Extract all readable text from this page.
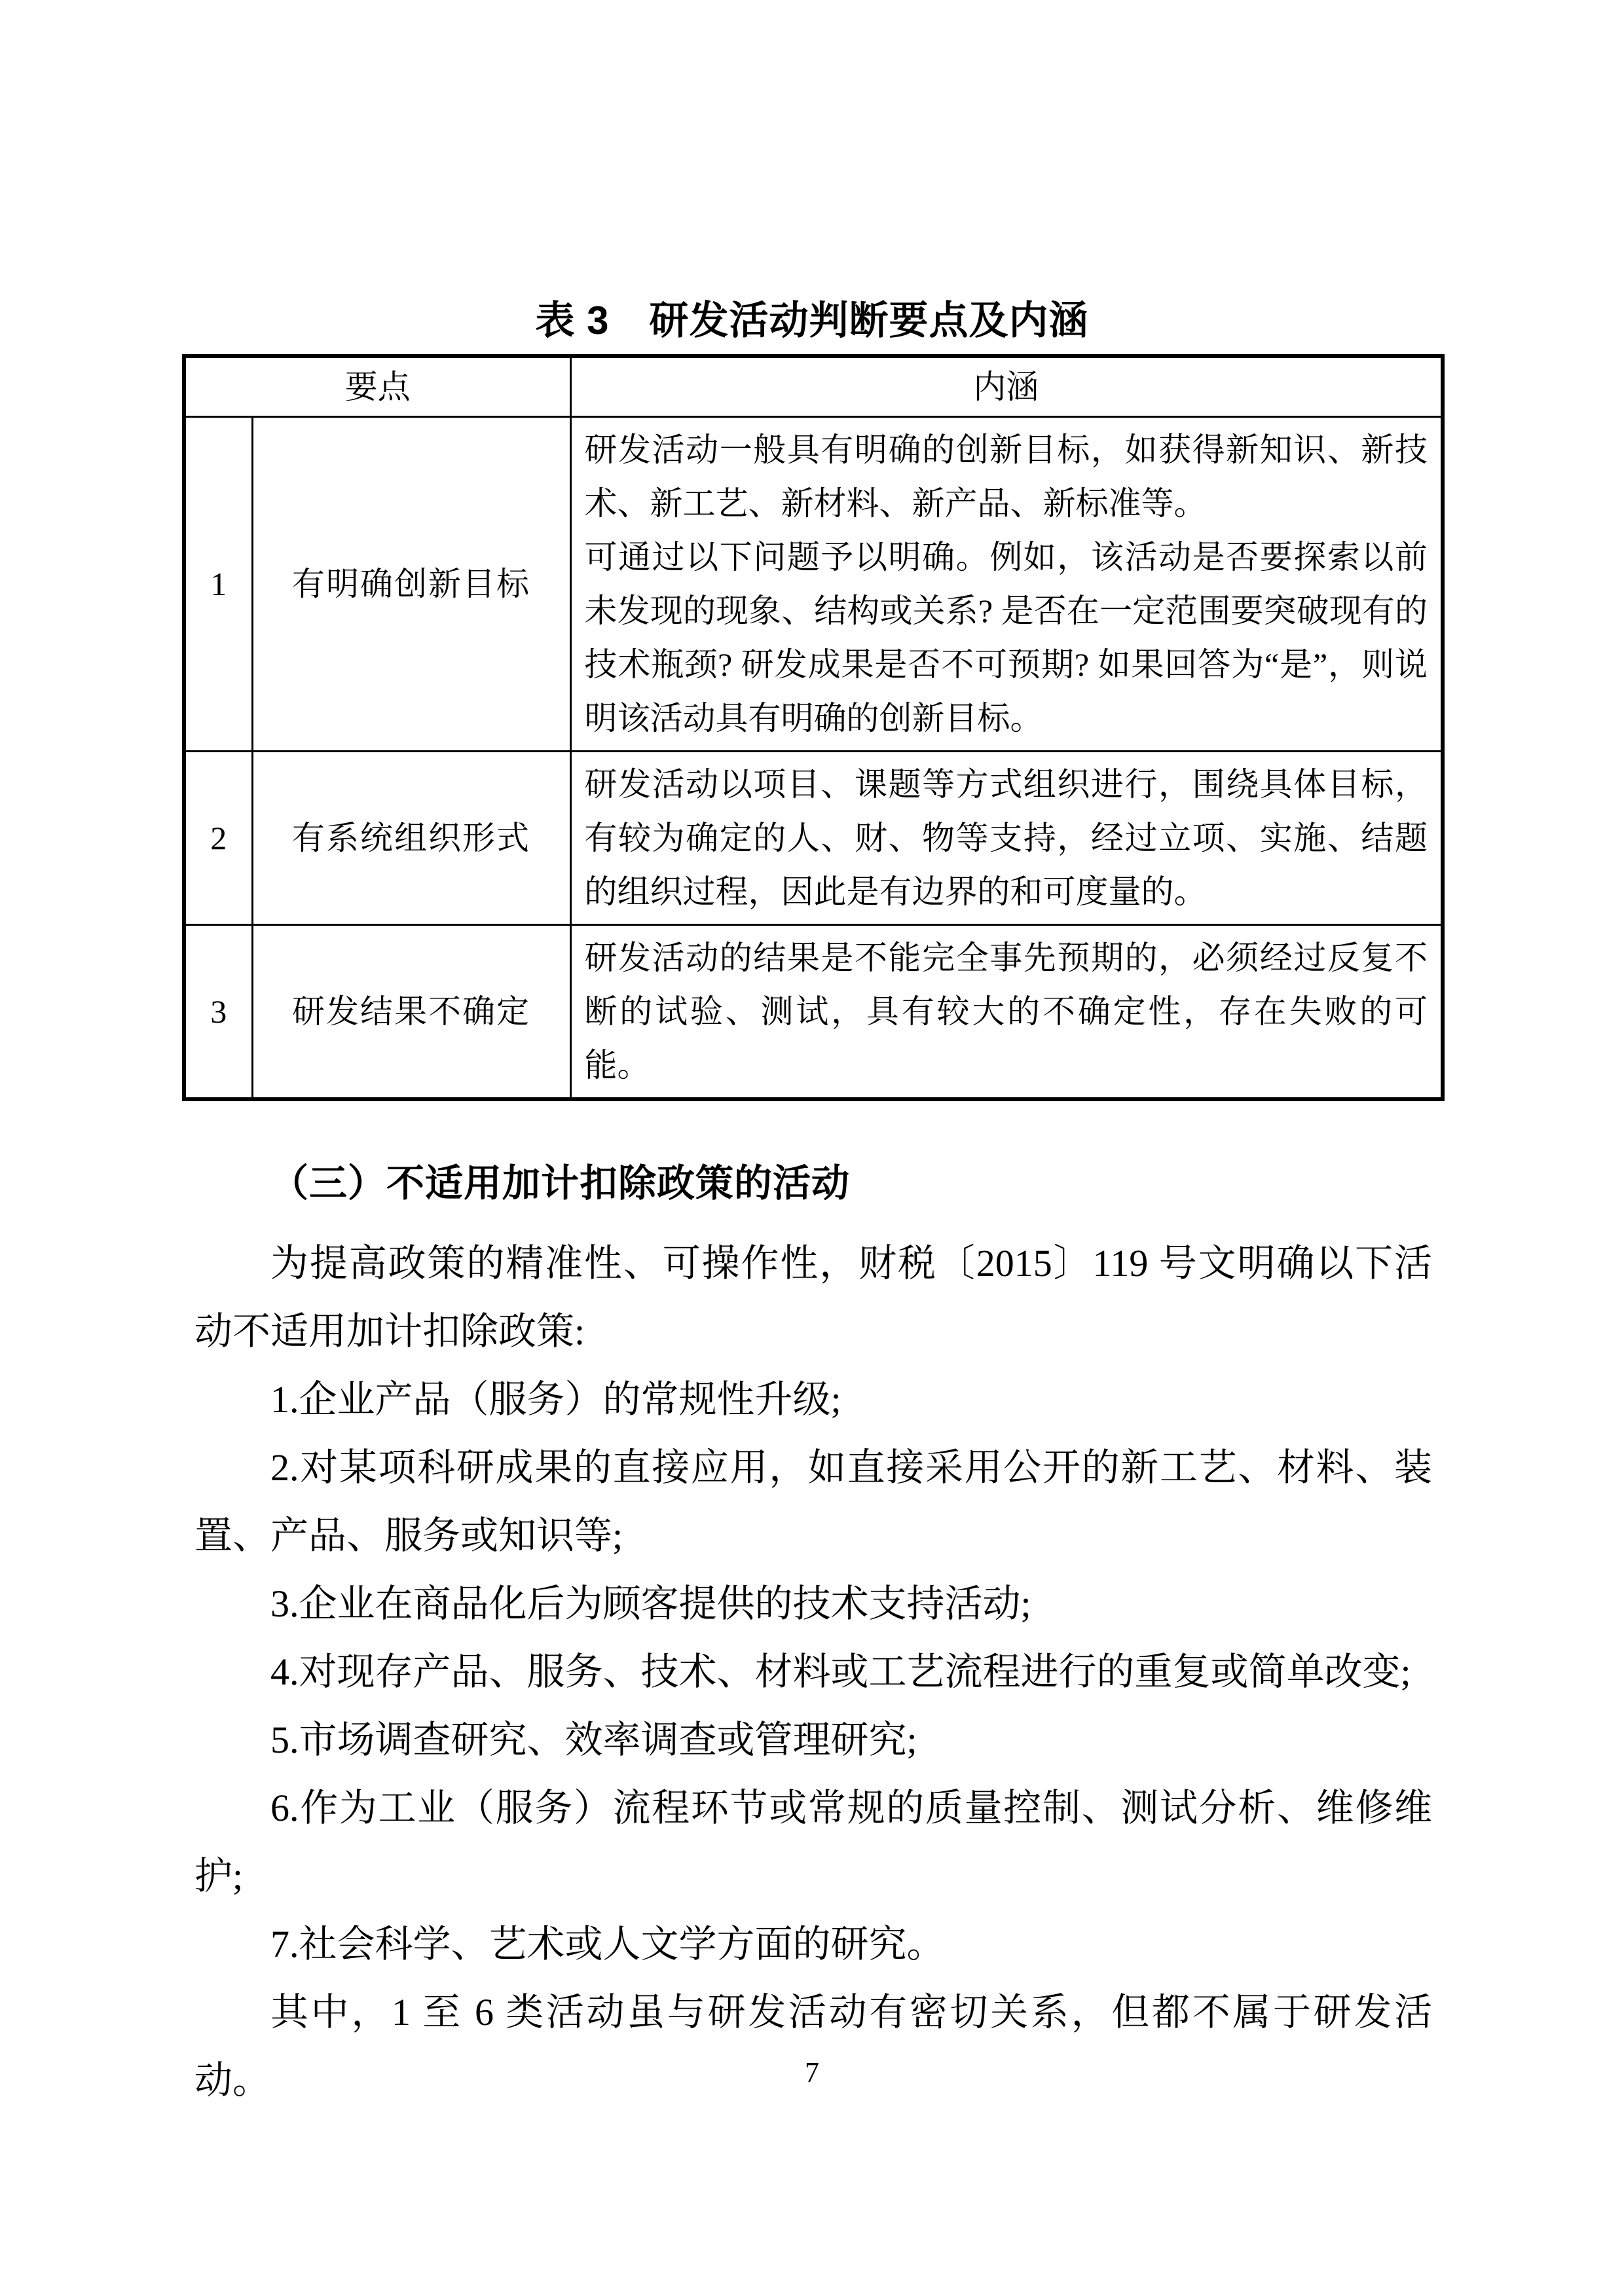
表 3　研发活动判断要点及内涵
要点		内涵
1	有明确创新目标	研发活动一般具有明确的创新目标，如获得新知识、新技术、新工艺、新材料、新产品、新标准等。

可通过以下问题予以明确。例如，该活动是否要探索以前未发现的现象、结构或关系? 是否在一定范围要突破现有的技术瓶颈? 研发成果是否不可预期? 如果回答为“是”，则说明该活动具有明确的创新目标。

2	有系统组织形式	研发活动以项目、课题等方式组织进行，围绕具体目标，有较为确定的人、财、物等支持，经过立项、实施、结题的组织过程，因此是有边界的和可度量的。

3	研发结果不确定	研发活动的结果是不能完全事先预期的，必须经过反复不断的试验、测试，具有较大的不确定性，存在失败的可能。

（三）不适用加计扣除政策的活动

为提高政策的精准性、可操作性，财税〔2015〕119 号文明确以下活动不适用加计扣除政策:

1.企业产品（服务）的常规性升级;

2.对某项科研成果的直接应用，如直接采用公开的新工艺、材料、装置、产品、服务或知识等;

3.企业在商品化后为顾客提供的技术支持活动;

4.对现存产品、服务、技术、材料或工艺流程进行的重复或简单改变;

5.市场调查研究、效率调查或管理研究;

6.作为工业（服务）流程环节或常规的质量控制、测试分析、维修维护;

7.社会科学、艺术或人文学方面的研究。

其中，1 至 6 类活动虽与研发活动有密切关系，但都不属于研发活动。	7
